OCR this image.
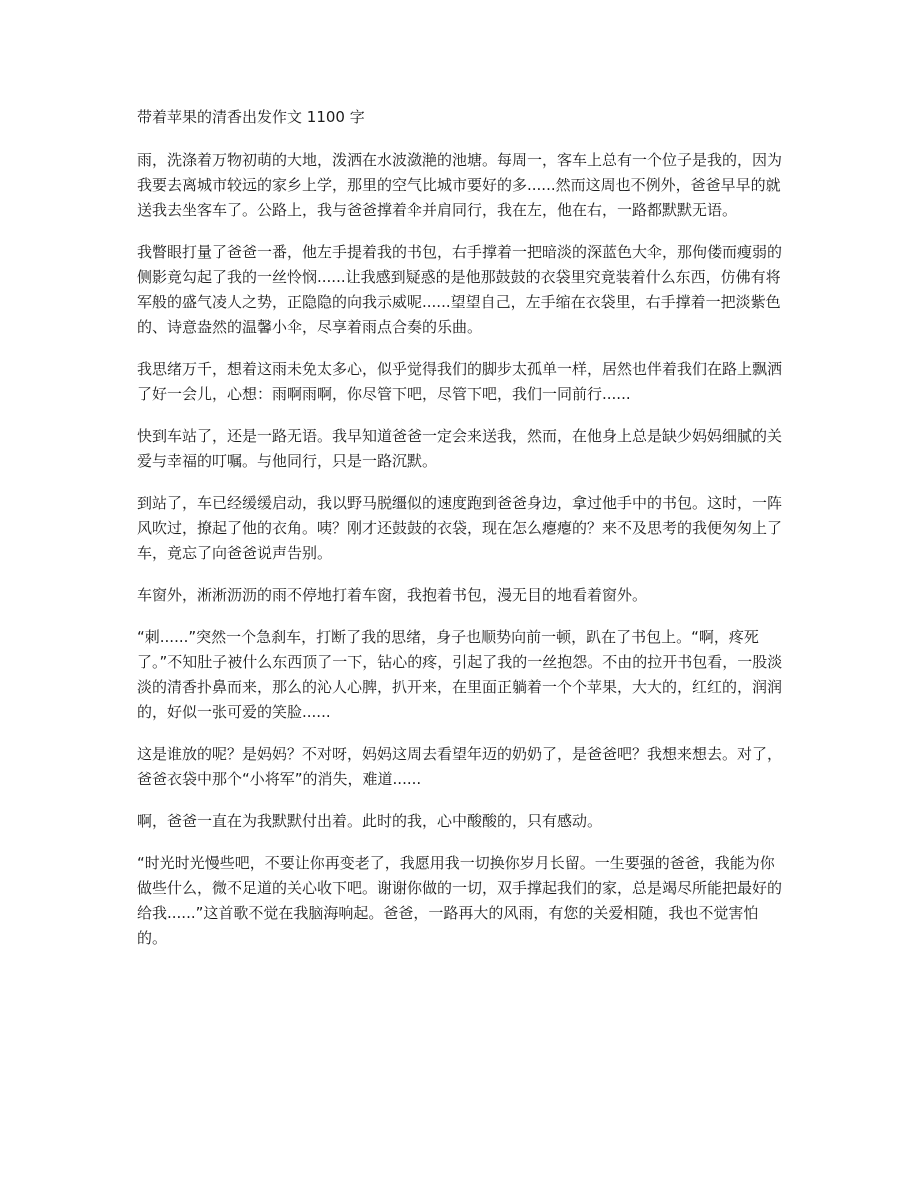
带着苹果的清香出发作文 1100 字

雨，洗涤着万物初萌的大地，泼洒在水波潋滟的池塘。每周一，客车上总有一个位子是我的，因为我要去离城市较远的家乡上学，那里的空气比城市要好的多......然而这周也不例外，爸爸早早的就送我去坐客车了。公路上，我与爸爸撑着伞并肩同行，我在左，他在右，一路都默默无语。

我瞥眼打量了爸爸一番，他左手提着我的书包，右手撑着一把暗淡的深蓝色大伞，那佝偻而瘦弱的侧影竟勾起了我的一丝怜悯......让我感到疑惑的是他那鼓鼓的衣袋里究竟装着什么东西，仿佛有将军般的盛气凌人之势，正隐隐的向我示威呢......望望自己，左手缩在衣袋里，右手撑着一把淡紫色的、诗意盎然的温馨小伞，尽享着雨点合奏的乐曲。

我思绪万千，想着这雨未免太多心，似乎觉得我们的脚步太孤单一样，居然也伴着我们在路上飘洒了好一会儿，心想：雨啊雨啊，你尽管下吧，尽管下吧，我们一同前行......

快到车站了，还是一路无语。我早知道爸爸一定会来送我，然而，在他身上总是缺少妈妈细腻的关爱与幸福的叮嘱。与他同行，只是一路沉默。

到站了，车已经缓缓启动，我以野马脱缰似的速度跑到爸爸身边，拿过他手中的书包。这时，一阵风吹过，撩起了他的衣角。咦？刚才还鼓鼓的衣袋，现在怎么瘪瘪的？来不及思考的我便匆匆上了车，竟忘了向爸爸说声告别。

车窗外，淅淅沥沥的雨不停地打着车窗，我抱着书包，漫无目的地看着窗外。

“刺......”突然一个急刹车，打断了我的思绪，身子也顺势向前一顿，趴在了书包上。“啊，疼死了。”不知肚子被什么东西顶了一下，钻心的疼，引起了我的一丝抱怨。不由的拉开书包看，一股淡淡的清香扑鼻而来，那么的沁人心脾，扒开来，在里面正躺着一个个苹果，大大的，红红的，润润的，好似一张可爱的笑脸......

这是谁放的呢？是妈妈？不对呀，妈妈这周去看望年迈的奶奶了，是爸爸吧？我想来想去。对了，爸爸衣袋中那个“小将军”的消失，难道......

啊，爸爸一直在为我默默付出着。此时的我，心中酸酸的，只有感动。

“时光时光慢些吧，不要让你再变老了，我愿用我一切换你岁月长留。一生要强的爸爸，我能为你做些什么，微不足道的关心收下吧。谢谢你做的一切，双手撑起我们的家，总是竭尽所能把最好的给我......”这首歌不觉在我脑海响起。爸爸，一路再大的风雨，有您的关爱相随，我也不觉害怕的。
